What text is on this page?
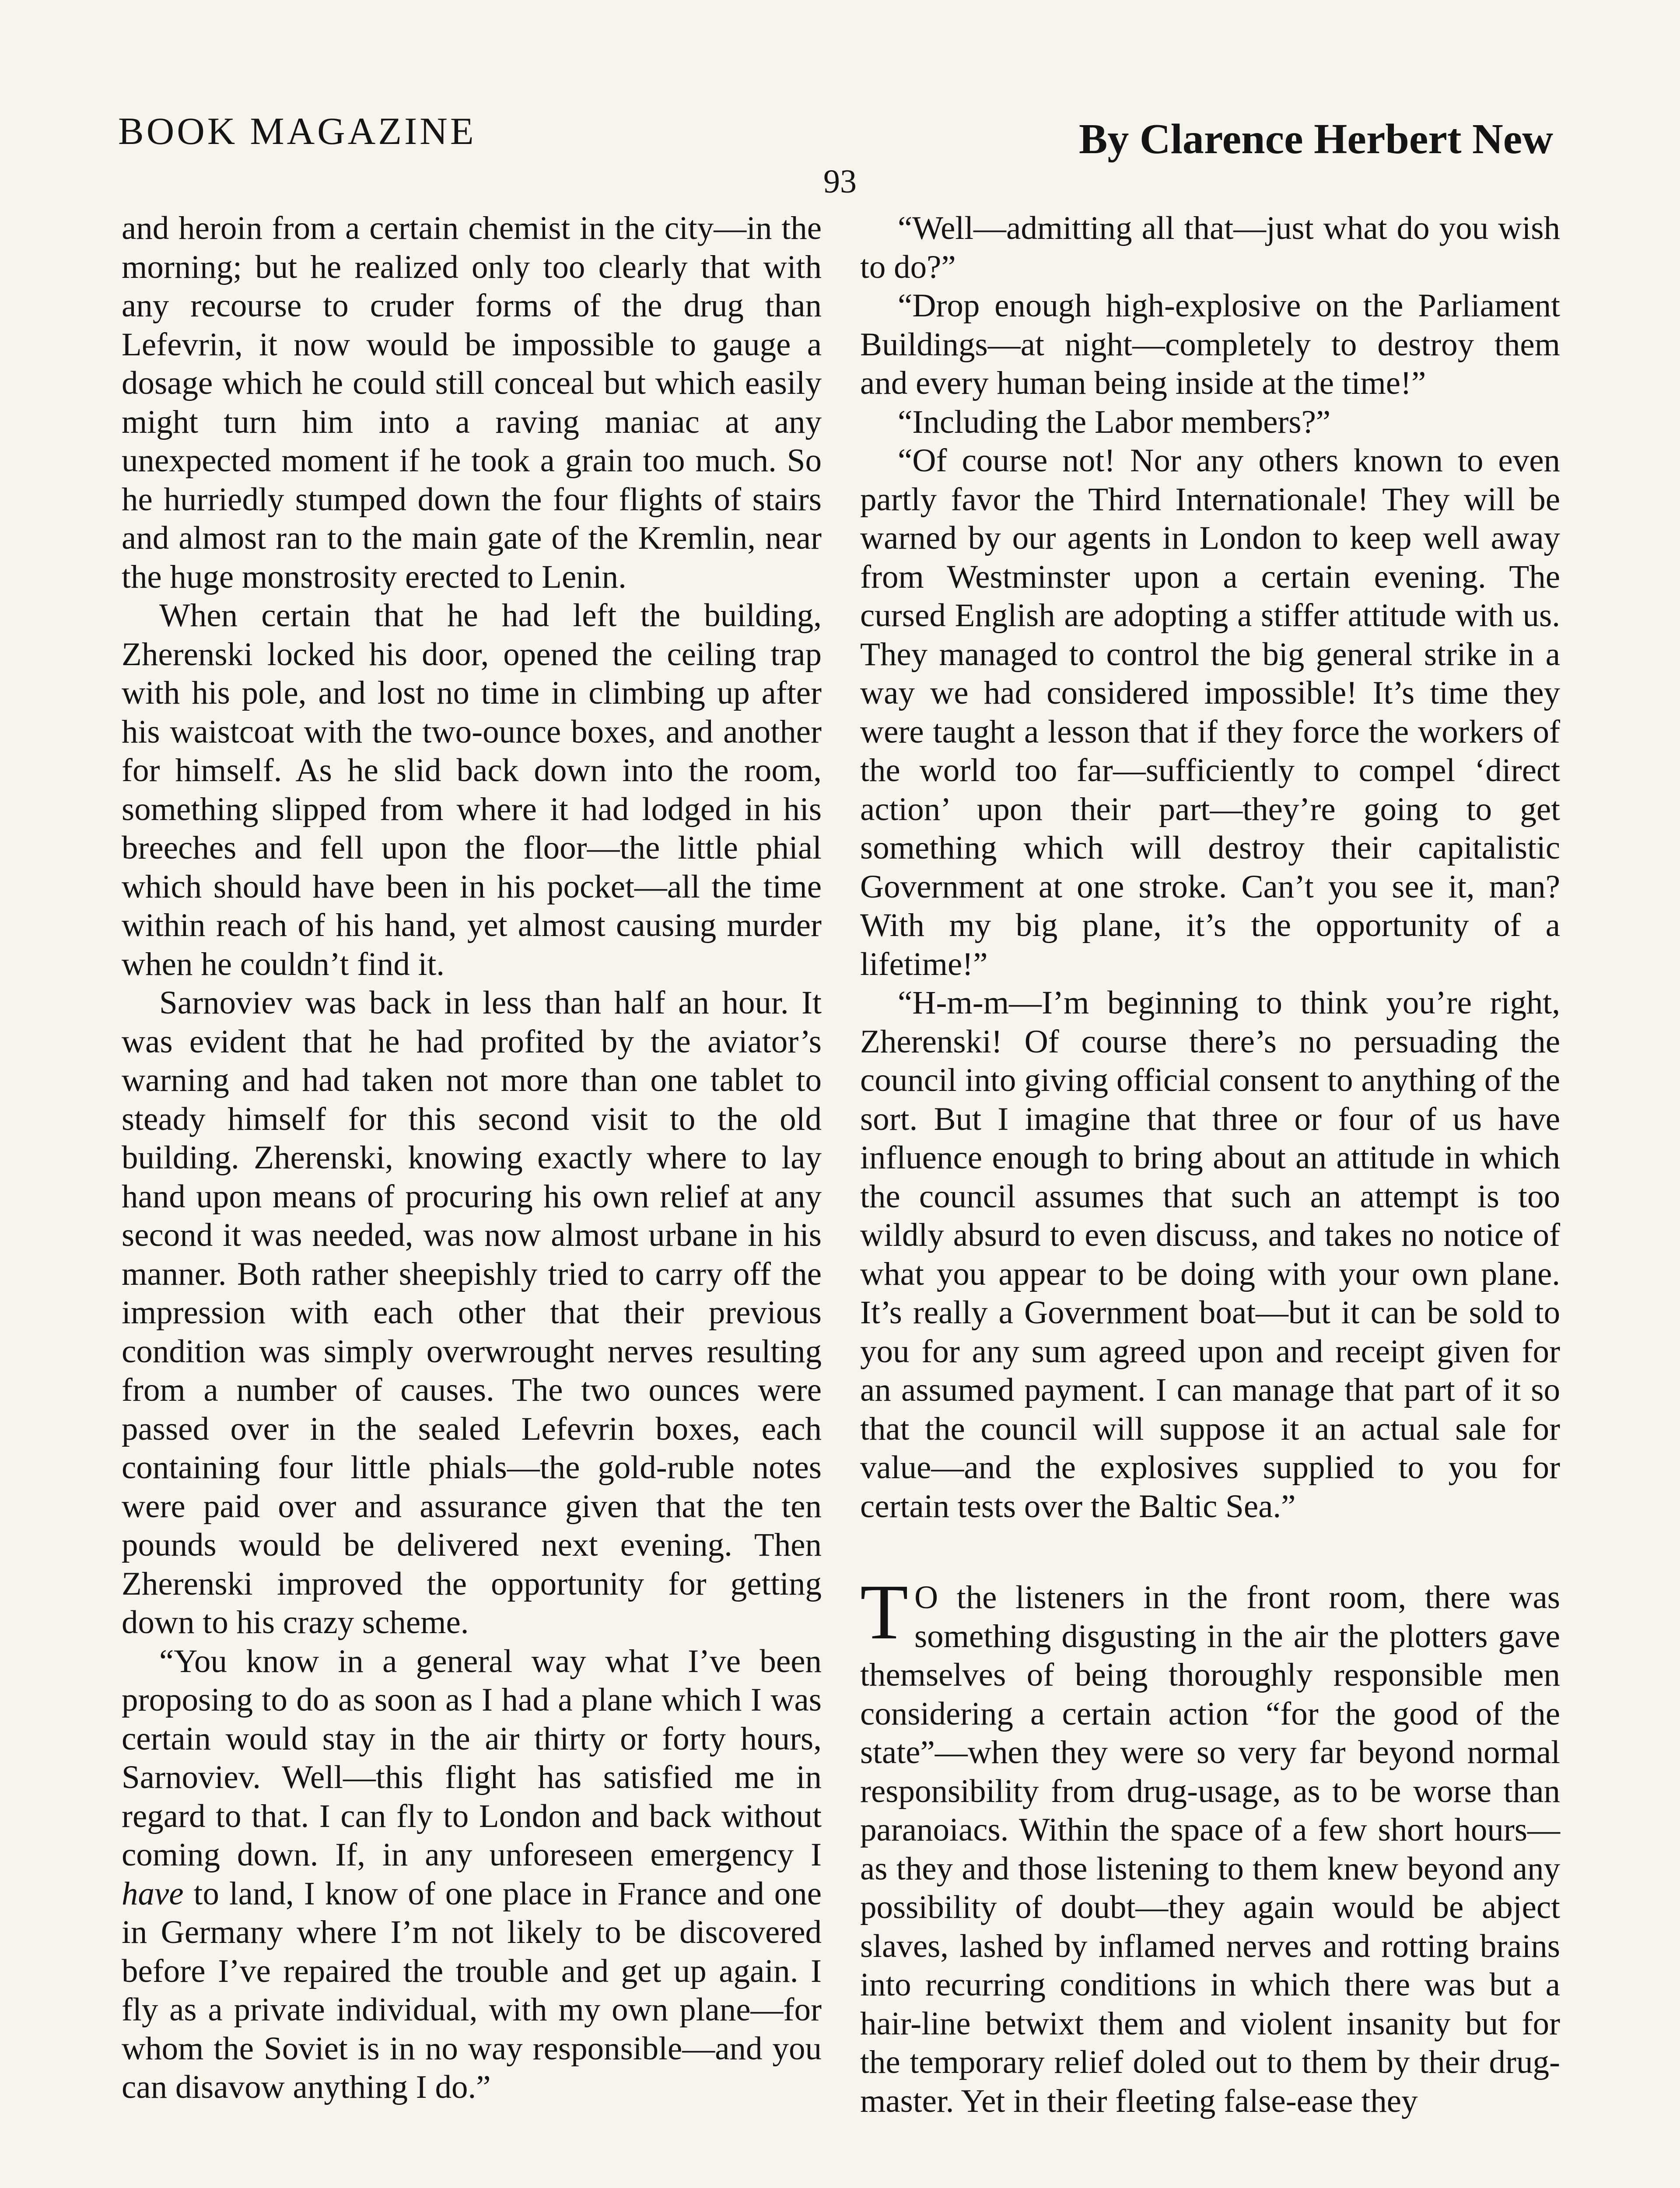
BOOK MAGAZINE	By Clarence Herbert New
93

and heroin from a certain chemist in the city—in the morning; but he realized only too clearly that with any recourse to cruder forms of the drug than Lefevrin, it now would be impossible to gauge a dosage which he could still conceal but which easily might turn him into a raving maniac at any unexpected moment if he took a grain too much. So he hurriedly stumped down the four flights of stairs and almost ran to the main gate of the Kremlin, near the huge monstrosity erected to Lenin.

When certain that he had left the building, Zherenski locked his door, opened the ceiling trap with his pole, and lost no time in climbing up after his waistcoat with the two-ounce boxes, and another for himself. As he slid back down into the room, something slipped from where it had lodged in his breeches and fell upon the floor—the little phial which should have been in his pocket—all the time within reach of his hand, yet almost causing murder when he couldn’t find it.

Sarnoviev was back in less than half an hour. It was evident that he had profited by the aviator’s warning and had taken not more than one tablet to steady himself for this second visit to the old building. Zherenski, knowing exactly where to lay hand upon means of procuring his own relief at any second it was needed, was now almost urbane in his manner. Both rather sheepishly tried to carry off the impression with each other that their previous condition was simply overwrought nerves resulting from a number of causes. The two ounces were passed over in the sealed Lefevrin boxes, each containing four little phials—the gold-ruble notes were paid over and assurance given that the ten pounds would be delivered next evening. Then Zherenski improved the opportunity for getting down to his crazy scheme.

“You know in a general way what I’ve been proposing to do as soon as I had a plane which I was certain would stay in the air thirty or forty hours, Sarnoviev. Well—this flight has satisfied me in regard to that. I can fly to London and back without coming down. If, in any unforeseen emergency I have to land, I know of one place in France and one in Germany where I’m not likely to be discovered before I’ve repaired the trouble and get up again. I fly as a private individual, with my own plane—for whom the Soviet is in no way responsible—and you can disavow anything I do.”

“Well—admitting all that—just what do you wish to do?”

“Drop enough high-explosive on the Parliament Buildings—at night—completely to destroy them and every human being inside at the time!”

“Including the Labor members?”

“Of course not! Nor any others known to even partly favor the Third Internationale! They will be warned by our agents in London to keep well away from Westminster upon a certain evening. The cursed English are adopting a stiffer attitude with us. They managed to control the big general strike in a way we had considered impossible! It’s time they were taught a lesson that if they force the workers of the world too far—sufficiently to compel ‘direct action’ upon their part—they’re going to get something which will destroy their capitalistic Government at one stroke. Can’t you see it, man? With my big plane, it’s the opportunity of a lifetime!”

“H-m-m—I’m beginning to think you’re right, Zherenski! Of course there’s no persuading the council into giving official consent to anything of the sort. But I imagine that three or four of us have influence enough to bring about an attitude in which the council assumes that such an attempt is too wildly absurd to even discuss, and takes no notice of what you appear to be doing with your own plane. It’s really a Government boat—but it can be sold to you for any sum agreed upon and receipt given for an assumed payment. I can manage that part of it so that the council will suppose it an actual sale for value—and the explosives supplied to you for certain tests over the Baltic Sea.”

T O the listeners in the front room, there was something disgusting in the air the plotters gave themselves of being thoroughly responsible men considering a certain action “for the good of the state”—when they were so very far beyond normal responsibility from drug-usage, as to be worse than paranoiacs. Within the space of a few short hours—as they and those listening to them knew beyond any possibility of doubt—they again would be abject slaves, lashed by inflamed nerves and rotting brains into recurring conditions in which there was but a hair-line betwixt them and violent insanity but for the temporary relief doled out to them by their drug-master. Yet in their fleeting false-ease they
